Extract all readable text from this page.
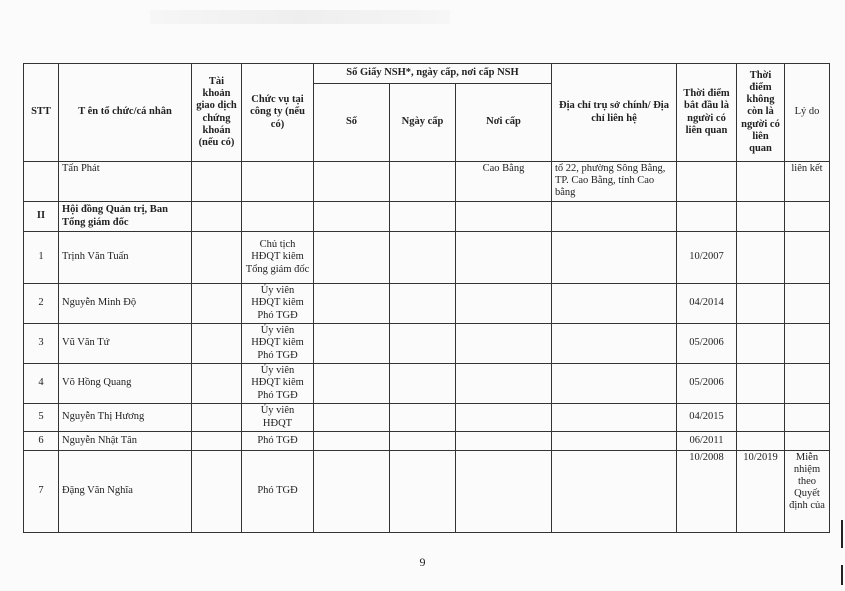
STT	T ên tổ chức/cá nhân	Tài khoản giao dịch chứng khoán (nếu có)	Chức vụ tại công ty (nếu có)	Số Giấy NSH*, ngày cấp, nơi cấp NSH			Địa chỉ trụ sở chính/ Địa chỉ liên hệ	Thời điểm bắt đầu là người có liên quan	Thời điểm không còn là người có liên quan	Lý do
				Số	Ngày cấp	Nơi cấp				
	Tấn Phát					Cao Bằng	tổ 22, phường Sông Bằng, TP. Cao Bằng, tỉnh Cao bằng			liên kết
II	Hội đồng Quản trị, Ban Tổng giám đốc									
1	Trịnh Văn Tuấn		Chủ tịch HĐQT kiêm Tổng giám đốc					10/2007		
2	Nguyễn Minh Độ		Ủy viên HĐQT kiêm Phó TGĐ					04/2014		
3	Vũ Văn Tứ		Ủy viên HĐQT kiêm Phó TGĐ					05/2006		
4	Võ Hồng Quang		Ủy viên HĐQT kiêm Phó TGĐ					05/2006		
5	Nguyễn Thị Hương		Ủy viên HĐQT					04/2015		
6	Nguyễn Nhật Tân		Phó TGĐ					06/2011		
7	Đặng Văn Nghĩa		Phó TGĐ					10/2008	10/2019	Miễn nhiệm theo Quyết định của
9
